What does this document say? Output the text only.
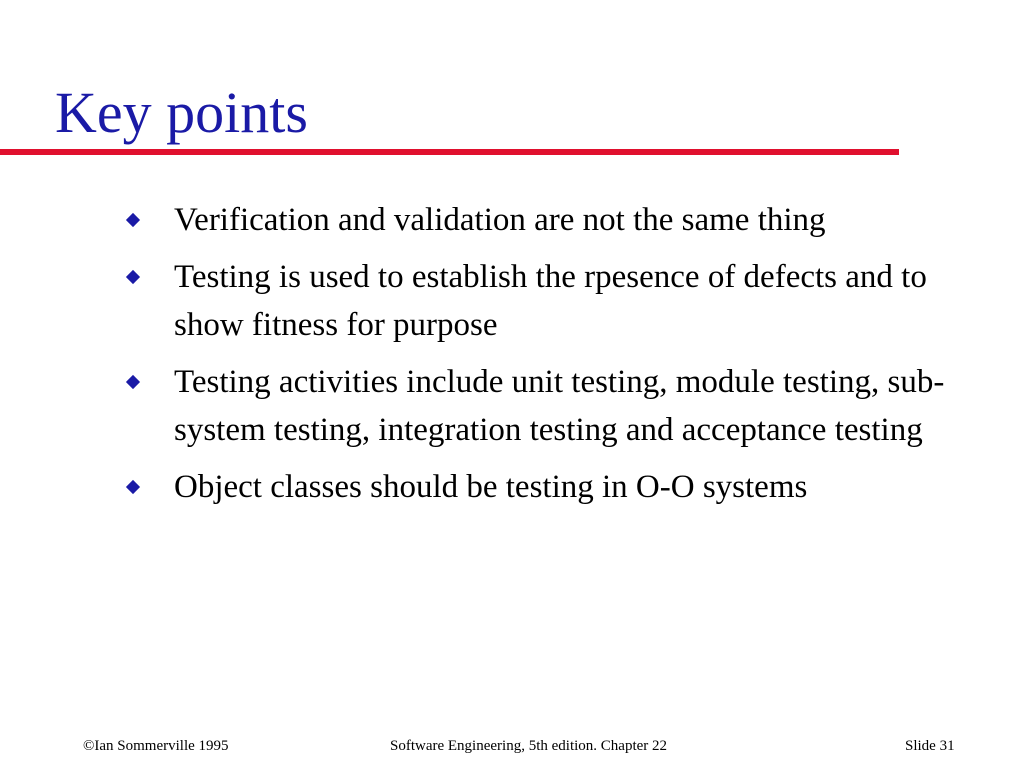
Key points
Verification and validation are not the same thing
Testing is used to establish the rpesence of defects and to show fitness for purpose
Testing activities include unit testing, module testing, sub-system testing, integration testing and acceptance testing
Object classes should be testing in O-O systems
©Ian Sommerville 1995	Software Engineering, 5th edition. Chapter 22	Slide 31
